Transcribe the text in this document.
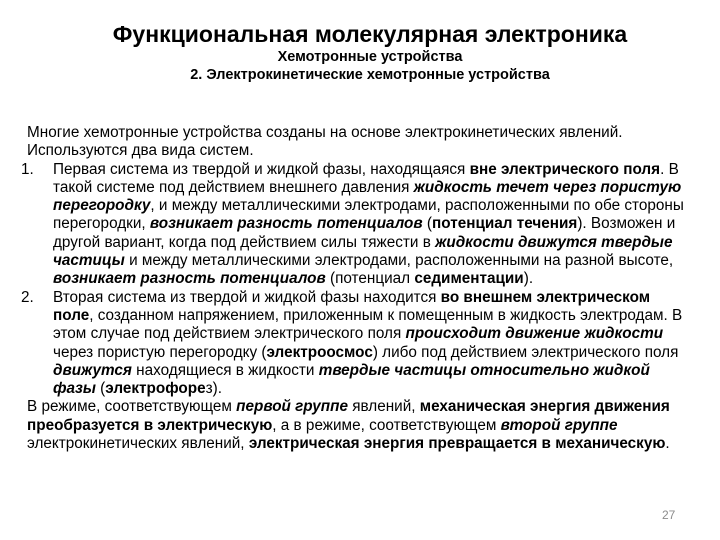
Функциональная молекулярная электроника
Хемотронные устройства
2. Электрокинетические хемотронные устройства

Многие хемотронные устройства созданы на основе электрокинетических явлений. Используются два вида систем.

1. Первая система из твердой и жидкой фазы, находящаяся вне электрического поля. В такой системе под действием внешнего давления жидкость течет через пористую перегородку, и между металлическими электродами, расположенными по обе стороны перегородки, возникает разность потенциалов (потенциал течения). Возможен и другой вариант, когда под действием силы тяжести в жидкости движутся твердые частицы и между металлическими электродами, расположенными на разной высоте, возникает разность потенциалов (потенциал седиментации).
2. Вторая система из твердой и жидкой фазы находится во внешнем электрическом поле, созданном напряжением, приложенным к помещенным в жидкость электродам. В этом случае под действием электрического поля происходит движение жидкости через пористую перегородку (электроосмос) либо под действием электрического поля движутся находящиеся в жидкости твердые частицы относительно жидкой фазы (электрофорез).

В режиме, соответствующем первой группе явлений, механическая энергия движения преобразуется в электрическую, а в режиме, соответствующем второй группе электрокинетических явлений, электрическая энергия превращается в механическую.

27
